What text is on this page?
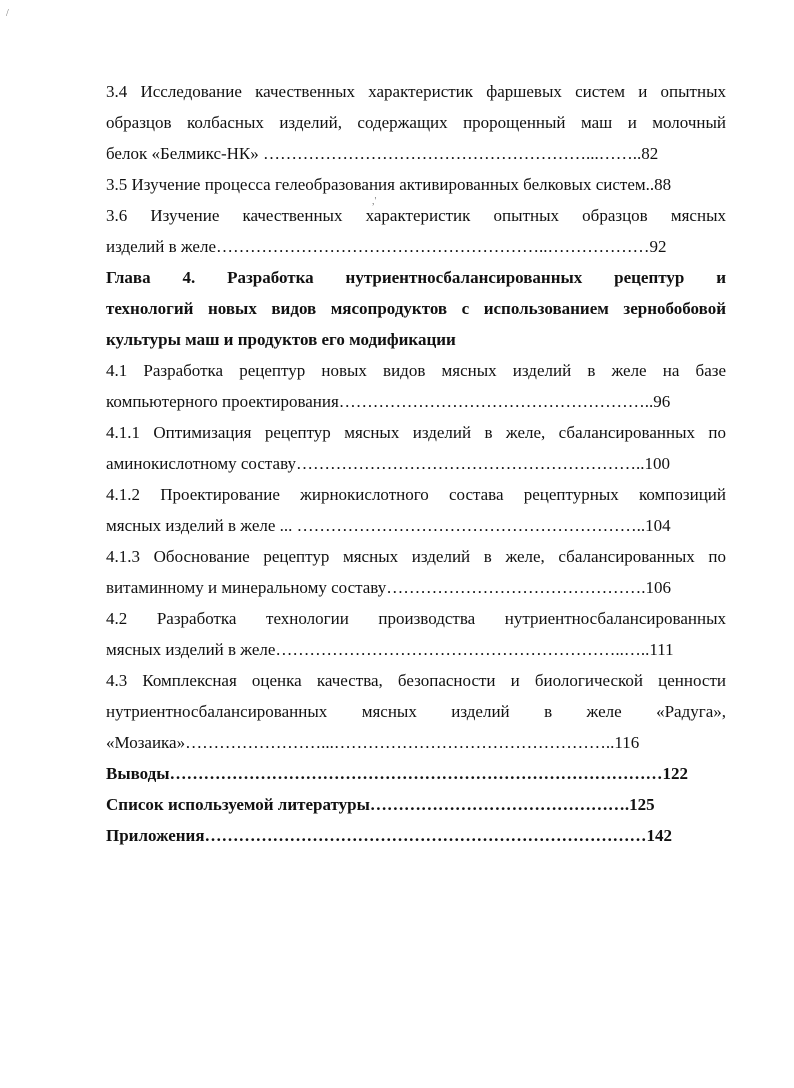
/
,'

3.4 Исследование качественных характеристик фаршевых систем и опытных

образцов колбасных изделий, содержащих пророщенный маш и молочный

белок «Белмикс-НК» …………………………………………………...……..82

3.5 Изучение процесса гелеобразования активированных белковых систем..88

3.6 Изучение качественных характеристик опытных образцов мясных

изделий в желе…………………………………………………..………………92

Глава 4. Разработка нутриентносбалансированных рецептур и

технологий новых видов мясопродуктов с использованием зернобобовой

культуры маш и продуктов его модификации

4.1 Разработка рецептур новых видов мясных изделий в желе на базе

компьютерного проектирования………………………………………………..96

4.1.1 Оптимизация рецептур мясных изделий в желе, сбалансированных по

аминокислотному составу……………………………………………………..100

4.1.2 Проектирование жирнокислотного состава рецептурных композиций

мясных изделий в желе ... ……………………………………………………..104

4.1.3 Обоснование рецептур мясных изделий в желе, сбалансированных по

витаминному и минеральному составу……………………………………….106

4.2 Разработка технологии производства нутриентносбалансированных

мясных изделий в желе……………………………………………………..…..111

4.3 Комплексная оценка качества, безопасности и биологической ценности

нутриентносбалансированных мясных изделий в желе «Радуга»,

«Мозаика»……………………...…………………………………………..116

Выводы……………………………………………………………………………122

Список используемой литературы……………………………………….125

Приложения……………………………………………………………………142
